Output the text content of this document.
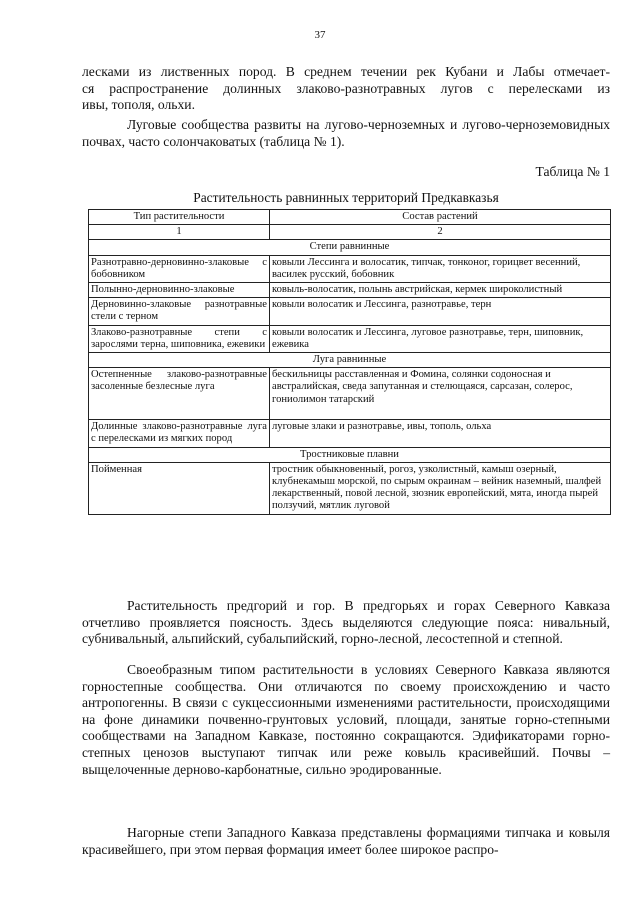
37
лесками из лиственных пород. В среднем течении рек Кубани и Лабы отмечает-
ся распространение долинных злаково-разнотравных лугов с перелесками из
ивы, тополя, ольхи.
Луговые сообщества развиты на лугово-черноземных и лугово-черноземовидных почвах, часто солончаковатых (таблица № 1).
Таблица № 1
Растительность равнинных территорий Предкавказья
Тип растительности	Состав растений
1	2
Степи равнинные	
Разнотравно-дерновинно-злаковые с бобовником	ковыли Лессинга и волосатик, типчак, тонконог, горицвет весенний, василек русский, бобовник
Полынно-дерновинно-злаковые	ковыль-волосатик, полынь австрийская, кермек широколистный
Дерновинно-злаковые разнотравные стели с терном	ковыли волосатик и Лессинга, разнотравье, терн
Злаково-разнотравные степи с зарослями терна, шиповника, ежевики	ковыли волосатик и Лессинга, луговое разнотравье, терн, шиповник, ежевика
Луга равнинные	
Остепненные злаково-разнотравные засоленные безлесные луга	бескильницы расставленная и Фомина, солянки содоносная и австралийская, сведа запутанная и стелющаяся, сарсазан, солерос, гониолимон татарский
Долинные злаково-разнотравные луга с перелесками из мягких пород	луговые злаки и разнотравье, ивы, тополь, ольха
Тростниковые плавни	
Пойменная	тростник обыкновенный, рогоз, узколистный, камыш озерный, клубнекамыш морской, по сырым окраинам – вейник наземный, шалфей лекарственный, повой лесной, зюзник европейский, мята, иногда пырей ползучий, мятлик луговой
Растительность предгорий и гор. В предгорьях и горах Северного Кавказа отчетливо проявляется поясность. Здесь выделяются следующие пояса: нивальный, субнивальный, альпийский, субальпийский, горно-лесной, лесостепной и степной.
Своеобразным типом растительности в условиях Северного Кавказа являются горностепные сообщества. Они отличаются по своему происхождению и часто антропогенны. В связи с сукцессионными изменениями растительности, происходящими на фоне динамики почвенно-грунтовых условий, площади, занятые горно-степными сообществами на Западном Кавказе, постоянно сокращаются. Эдификаторами горно-степных ценозов выступают типчак или реже ковыль красивейший. Почвы – выщелоченные дерново-карбонатные, сильно эродированные.
Нагорные степи Западного Кавказа представлены формациями типчака и ковыля красивейшего, при этом первая формация имеет более широкое распро-
